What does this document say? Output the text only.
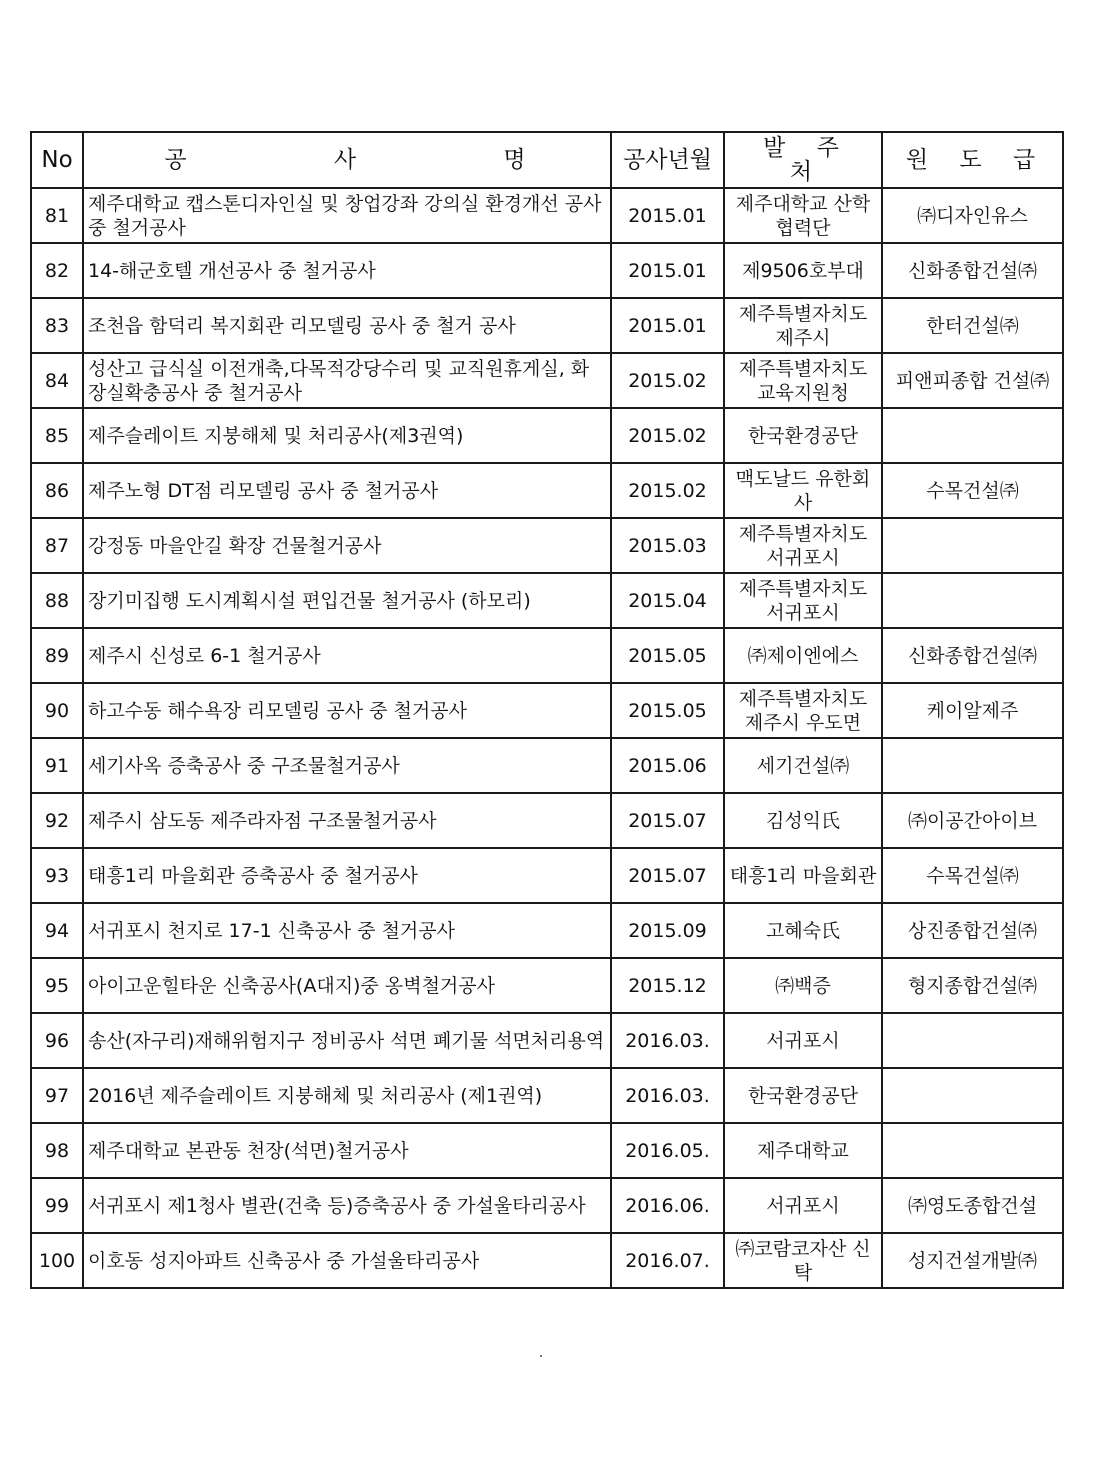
No	공 사 명	공사년월	발 주 처	원 도 급
81	제주대학교 캡스톤디자인실 및 창업강좌 강의실 환경개선 공사 중 철거공사	2015.01	제주대학교 산학협력단	㈜디자인유스
82	14-해군호텔 개선공사 중 철거공사	2015.01	제9506호부대	신화종합건설㈜
83	조천읍 함덕리 복지회관 리모델링 공사 중 철거 공사	2015.01	제주특별자치도 제주시	한터건설㈜
84	성산고 급식실 이전개축,다목적강당수리 및 교직원휴게실, 화장실확충공사 중 철거공사	2015.02	제주특별자치도 교육지원청	피앤피종합 건설㈜
85	제주슬레이트 지붕해체 및 처리공사(제3권역)	2015.02	한국환경공단	
86	제주노형 DT점 리모델링 공사 중 철거공사	2015.02	맥도날드 유한회사	수목건설㈜
87	강정동 마을안길 확장 건물철거공사	2015.03	제주특별자치도 서귀포시	
88	장기미집행 도시계획시설 편입건물 철거공사 (하모리)	2015.04	제주특별자치도 서귀포시	
89	제주시 신성로 6-1 철거공사	2015.05	㈜제이엔에스	신화종합건설㈜
90	하고수동 해수욕장 리모델링 공사 중 철거공사	2015.05	제주특별자치도 제주시 우도면	케이알제주
91	세기사옥 증축공사 중 구조물철거공사	2015.06	세기건설㈜	
92	제주시 삼도동 제주라자점 구조물철거공사	2015.07	김성익氏	㈜이공간아이브
93	태흥1리 마을회관 증축공사 중 철거공사	2015.07	태흥1리 마을회관	수목건설㈜
94	서귀포시 천지로 17-1 신축공사 중 철거공사	2015.09	고혜숙氏	상진종합건설㈜
95	아이고운힐타운 신축공사(A대지)중 옹벽철거공사	2015.12	㈜백증	형지종합건설㈜
96	송산(자구리)재해위험지구 정비공사 석면 폐기물 석면처리용역	2016.03.	서귀포시	
97	2016년 제주슬레이트 지붕해체 및 처리공사 (제1권역)	2016.03.	한국환경공단	
98	제주대학교 본관동 천장(석면)철거공사	2016.05.	제주대학교	
99	서귀포시 제1청사 별관(건축 등)증축공사 중 가설울타리공사	2016.06.	서귀포시	㈜영도종합건설
100	이호동 성지아파트 신축공사 중 가설울타리공사	2016.07.	㈜코람코자산 신탁	성지건설개발㈜
